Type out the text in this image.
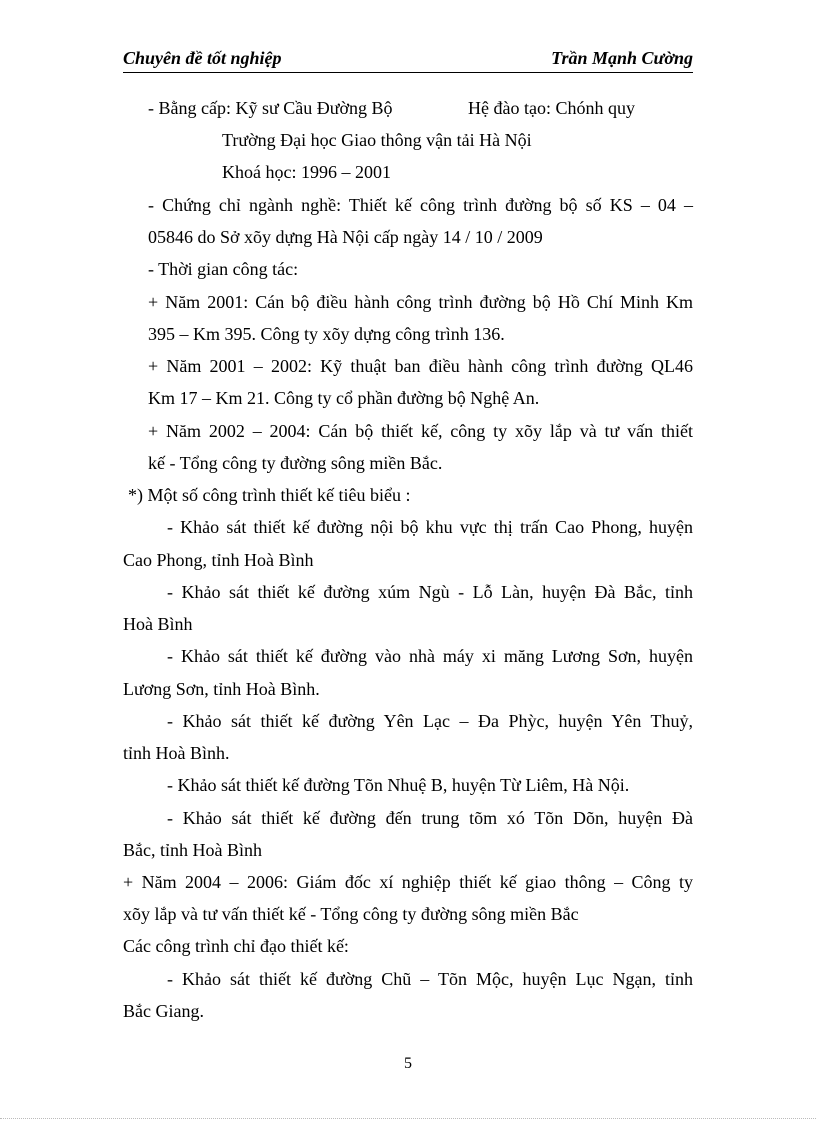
Chuyên đề tốt nghiệp	Trần Mạnh Cường
- Bằng cấp: Kỹ sư Cầu Đường Bộ	Hệ đào tạo: Chónh quy
Trường Đại học Giao thông vận tải Hà Nội
Khoá học: 1996 – 2001
- Chứng chỉ ngành nghề: Thiết kế công trình đường bộ số KS – 04 –
05846 do Sở xõy dựng Hà Nội cấp ngày 14 / 10 / 2009
- Thời gian công tác:
+ Năm 2001: Cán bộ điều hành công trình đường bộ Hồ Chí Minh Km
395 – Km 395. Công ty xõy dựng công trình 136.
+ Năm 2001 – 2002: Kỹ thuật ban điều hành công trình đường QL46
Km 17 – Km 21. Công ty cổ phần đường bộ Nghệ An.
+ Năm 2002 – 2004: Cán bộ thiết kế, công ty xõy lắp và tư vấn thiết
kế - Tổng công ty đường sông miền Bắc.
*) Một số công trình thiết kế tiêu biểu :
- Khảo sát thiết kế đường nội bộ khu vực thị trấn Cao Phong, huyện
Cao Phong, tỉnh Hoà Bình
- Khảo sát thiết kế đường xúm Ngù - Lỗ Làn, huyện Đà Bắc, tỉnh
Hoà Bình
- Khảo sát thiết kế đường vào nhà máy xi măng Lương Sơn, huyện
Lương Sơn, tỉnh Hoà Bình.
- Khảo sát thiết kế đường Yên Lạc – Đa Phỳc, huyện Yên Thuỷ,
tỉnh Hoà Bình.
- Khảo sát thiết kế đường Tõn Nhuệ B, huyện Từ Liêm, Hà Nội.
- Khảo sát thiết kế đường đến trung tõm xó Tõn Dõn, huyện Đà
Bắc, tỉnh Hoà Bình
+ Năm 2004 – 2006: Giám đốc xí nghiệp thiết kế giao thông – Công ty
xõy lắp và tư vấn thiết kế - Tổng công ty đường sông miền Bắc
Các công trình chỉ đạo thiết kế:
- Khảo sát thiết kế đường Chũ – Tõn Mộc, huyện Lục Ngạn, tỉnh
Bắc Giang.
5
